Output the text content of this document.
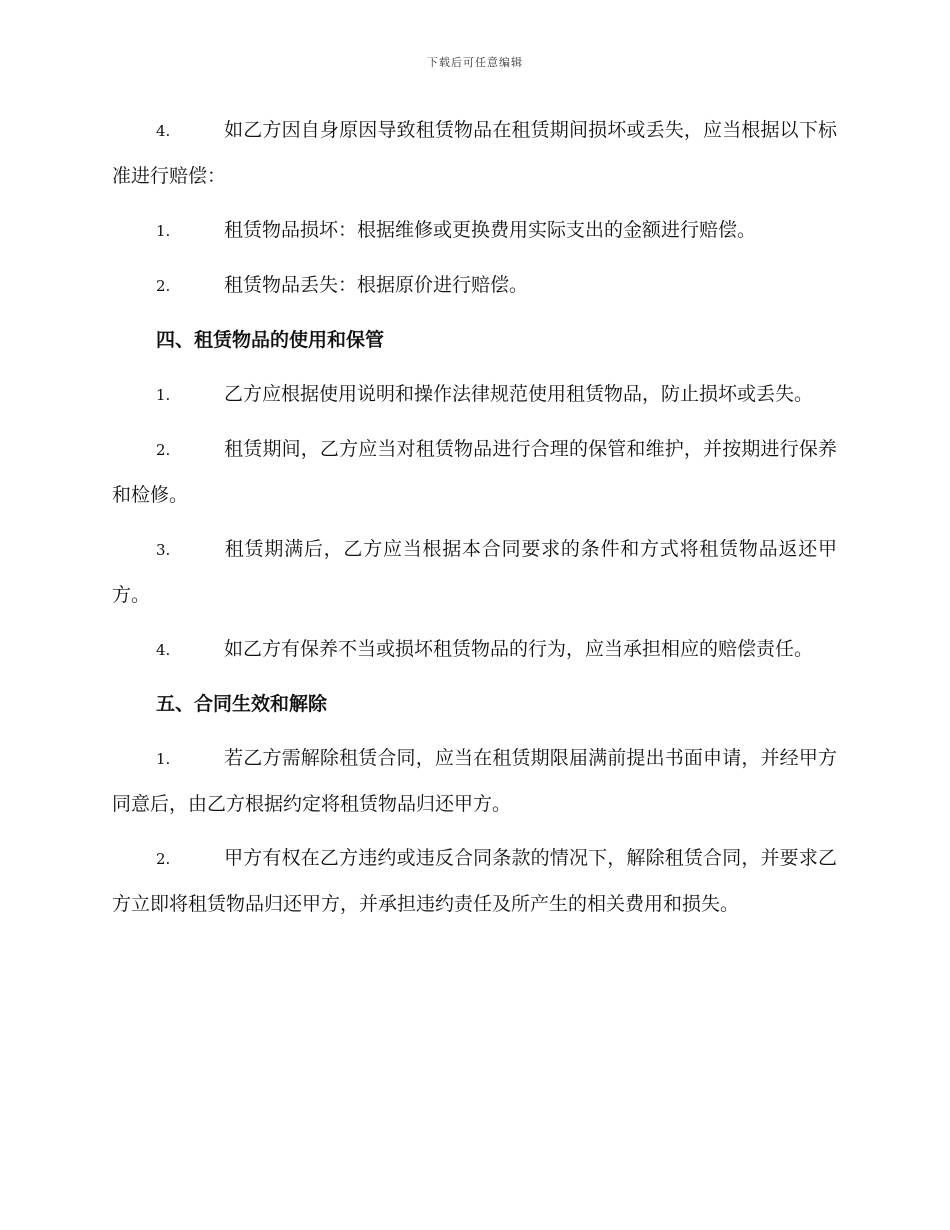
下载后可任意编辑

4.	如乙方因自身原因导致租赁物品在租赁期间损坏或丢失，应当根据以下标准进行赔偿：

1.	租赁物品损坏：根据维修或更换费用实际支出的金额进行赔偿。

2.	租赁物品丢失：根据原价进行赔偿。

四、租赁物品的使用和保管

1.	乙方应根据使用说明和操作法律规范使用租赁物品，防止损坏或丢失。

2.	租赁期间，乙方应当对租赁物品进行合理的保管和维护，并按期进行保养和检修。

3.	租赁期满后，乙方应当根据本合同要求的条件和方式将租赁物品返还甲方。

4.	如乙方有保养不当或损坏租赁物品的行为，应当承担相应的赔偿责任。

五、合同生效和解除

1.	若乙方需解除租赁合同，应当在租赁期限届满前提出书面申请，并经甲方同意后，由乙方根据约定将租赁物品归还甲方。

2.	甲方有权在乙方违约或违反合同条款的情况下，解除租赁合同，并要求乙方立即将租赁物品归还甲方，并承担违约责任及所产生的相关费用和损失。
